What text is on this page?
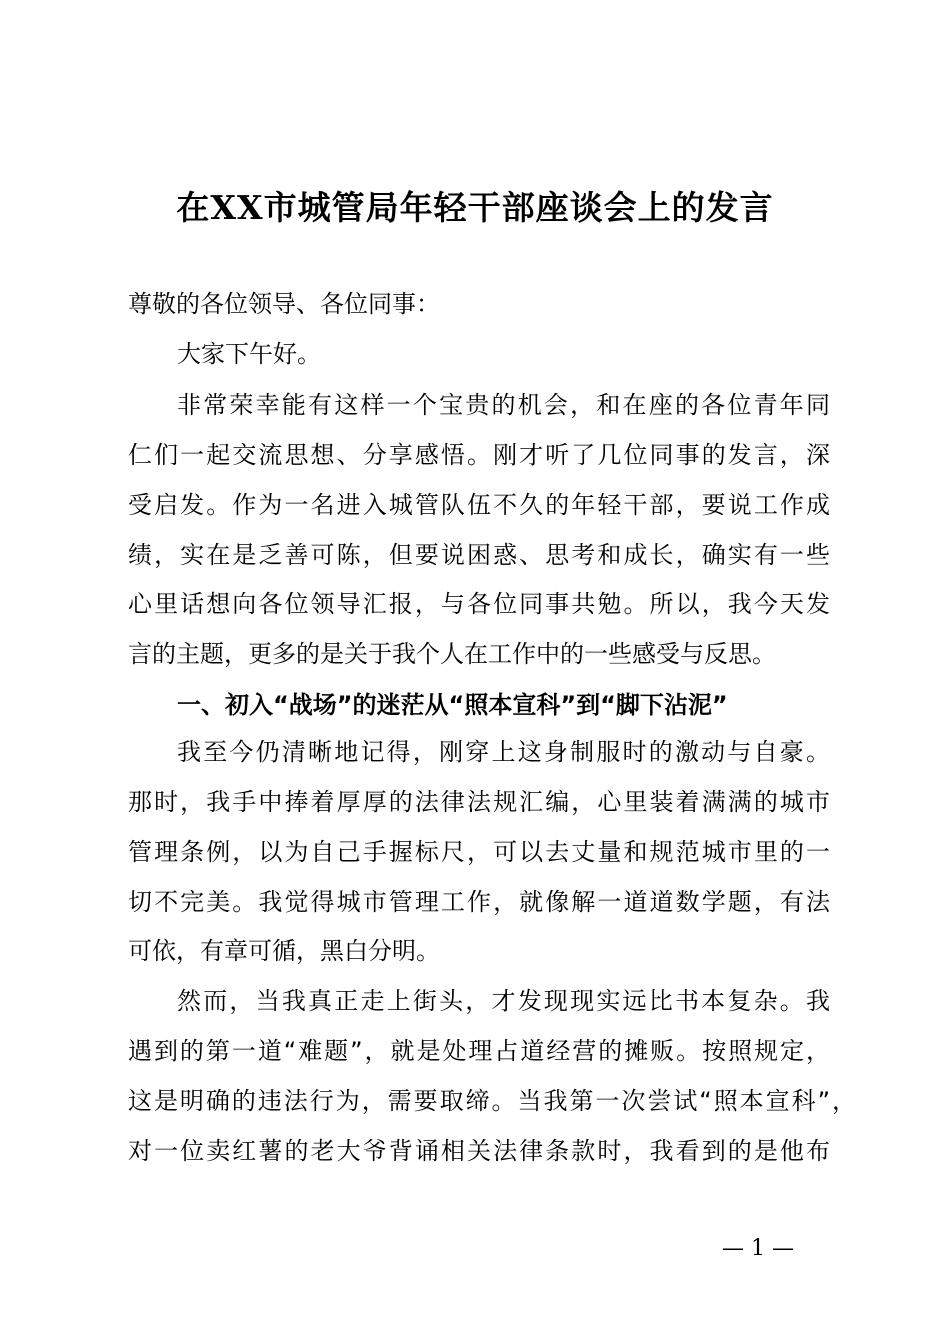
在XX市城管局年轻干部座谈会上的发言
尊敬的各位领导、各位同事：
大家下午好。
非常荣幸能有这样一个宝贵的机会，和在座的各位青年同
仁们一起交流思想、分享感悟。刚才听了几位同事的发言，深
受启发。作为一名进入城管队伍不久的年轻干部，要说工作成
绩，实在是乏善可陈，但要说困惑、思考和成长，确实有一些
心里话想向各位领导汇报，与各位同事共勉。所以，我今天发
言的主题，更多的是关于我个人在工作中的一些感受与反思。
一、初入“战场”的迷茫从“照本宣科”到“脚下沾泥”
我至今仍清晰地记得，刚穿上这身制服时的激动与自豪。
那时，我手中捧着厚厚的法律法规汇编，心里装着满满的城市
管理条例，以为自己手握标尺，可以去丈量和规范城市里的一
切不完美。我觉得城市管理工作，就像解一道道数学题，有法
可依，有章可循，黑白分明。
然而，当我真正走上街头，才发现现实远比书本复杂。我
遇到的第一道“难题”，就是处理占道经营的摊贩。按照规定，
这是明确的违法行为，需要取缔。当我第一次尝试“照本宣科”，
对一位卖红薯的老大爷背诵相关法律条款时，我看到的是他布
— 1 —
